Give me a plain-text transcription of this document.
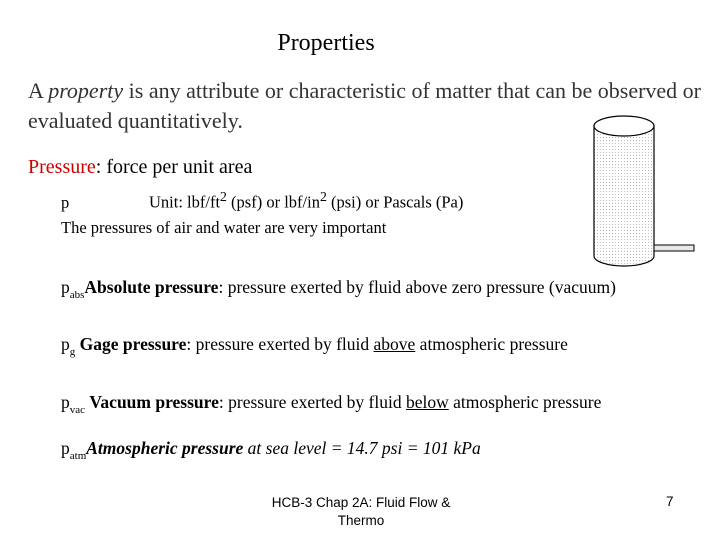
Properties
A property is any attribute or characteristic of matter that can be observed or evaluated quantitatively.
Pressure: force per unit area
p	Unit: lbf/$ft^2$ (psf) or lbf/$in^2$ (psi) or Pascals (Pa)
The pressures of air and water are very important
$p_{abs}Absolute$ pressure: pressure exerted by fluid above zero pressure (vacuum)
$p_g$ Gage pressure: pressure exerted by fluid above atmospheric pressure
$p_{vac}$ Vacuum pressure: pressure exerted by fluid below atmospheric pressure
$p_{atm}Atmospheric$ pressure at sea level = 14.7 psi = 101 kPa
HCB-3 Chap 2A: Fluid Flow &
Thermo
7
